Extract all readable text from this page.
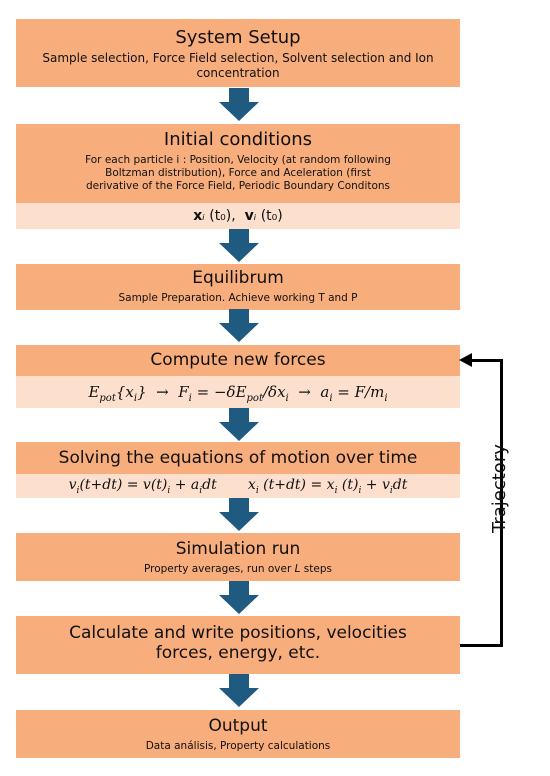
System Setup
Sample selection, Force Field selection, Solvent selection and Ion concentration
Initial conditions
For each particle i : Position, Velocity (at random following Boltzman distribution), Force and Aceleration (first derivative of the Force Field, Periodic Boundary Conditons
xᵢ (t₀),  vᵢ (t₀)
Equilibrum
Sample Preparation. Achieve working T and P
Compute new forces
$E_{pot}\{x_i\} \to F_i = -\delta E_{pot}/\delta x_i \to a_i = F/m_i$
Solving the equations of motion over time
$v_i(t+dt) = v(t)_i + a_idt$       $x_i$ $(t+dt) = x_i$ $(t)_i + v_idt$
Simulation run
Property averages, run over L steps
Calculate and write positions, velocities forces, energy, etc.
Output
Data análisis, Property calculations
Trajectory
